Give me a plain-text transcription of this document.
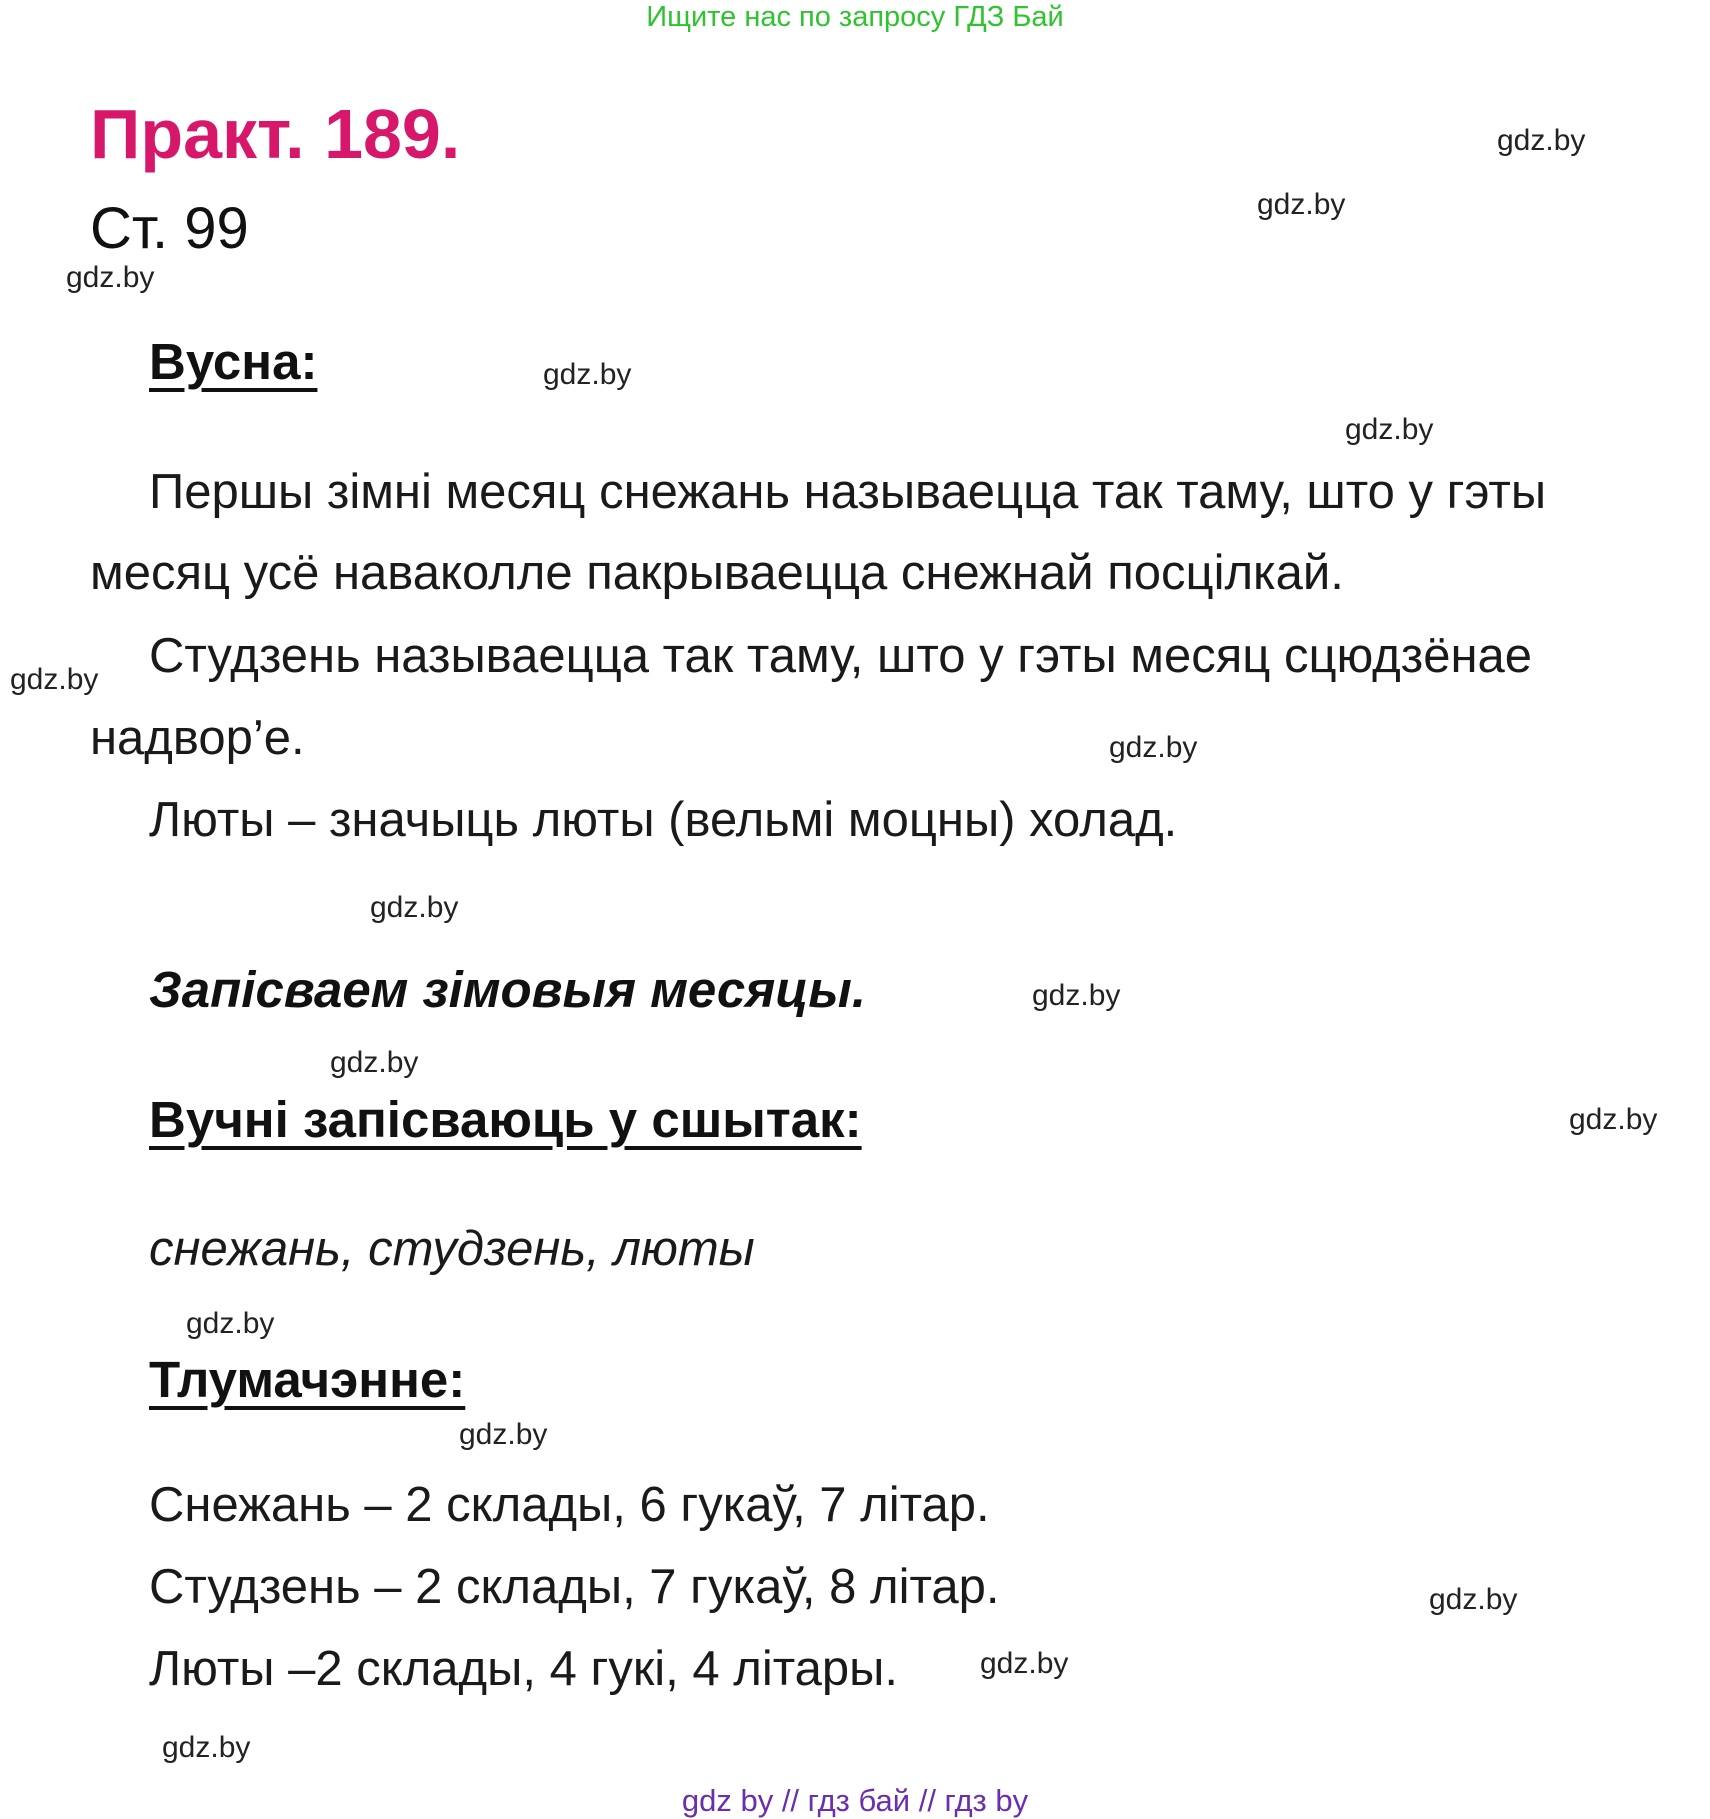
Ищите нас по запросу ГДЗ Бай
Практ. 189.
Ст. 99
Вусна:
Першы зімні месяц снежань называецца так таму, што у гэты
месяц усё наваколле пакрываецца снежнай посцілкай.
Студзень называецца так таму, што у гэты месяц сцюдзёнае
надвор’е.
Люты – значыць люты (вельмі моцны) холад.
Запісваем зімовыя месяцы.
Вучні запісваюць у сшытак:
снежань, студзень, люты
Тлумачэнне:
Снежань – 2 склады, 6 гукаў, 7 літар.
Студзень – 2 склады, 7 гукаў, 8 літар.
Люты –2 склады, 4 гукі, 4 літары.
gdz.by
gdz.by
gdz.by
gdz.by
gdz.by
gdz.by
gdz.by
gdz.by
gdz.by
gdz.by
gdz.by
gdz.by
gdz.by
gdz.by
gdz.by
gdz.by
gdz by // гдз бай // гдз by
